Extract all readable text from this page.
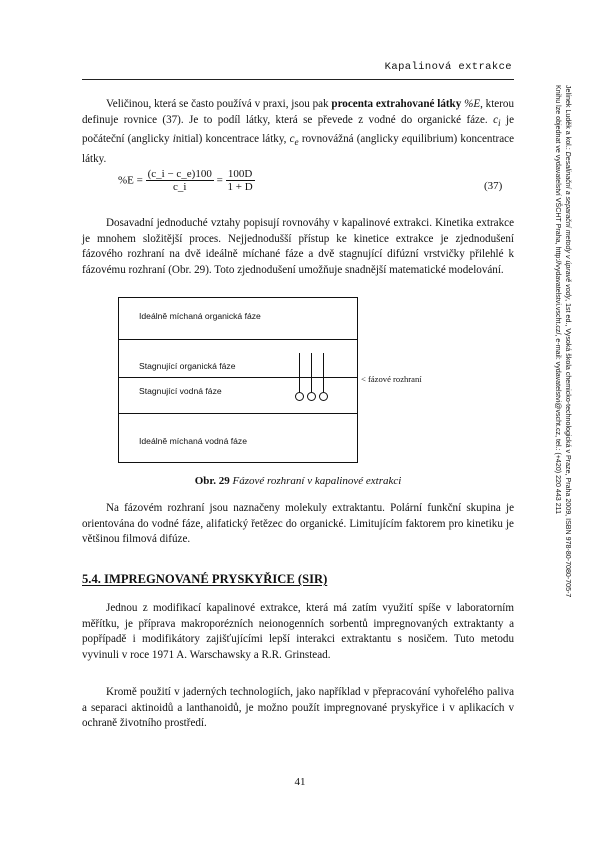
Kapalinová extrakce
Veličinou, která se často používá v praxi, jsou pak procenta extrahované látky %E, kterou definuje rovnice (37). Je to podíl látky, která se převede z vodné do organické fáze. $c_i$ je počáteční (anglicky initial) koncentrace látky, $c_e$ rovnovážná (anglicky equilibrium) koncentrace látky.
$\%E = \frac{(c\_i - c\_e)100}{c\_i} = \frac{100D}{1 + D}$	(37)
Dosavadní jednoduché vztahy popisují rovnováhy v kapalinové extrakci. Kinetika extrakce je mnohem složitější proces. Nejjednodušší přístup ke kinetice extrakce je zjednodušení fázového rozhraní na dvě ideálně míchané fáze a dvě stagnující difúzní vrstvičky přilehlé k fázovému rozhraní (Obr. 29). Toto zjednodušení umožňuje snadnější matematické modelování.
Ideálně míchaná organická fáze
Stagnující organická fáze
Stagnující vodná fáze
Ideálně míchaná vodná fáze
< fázové rozhraní
Obr. 29 Fázové rozhraní v kapalinové extrakci
Na fázovém rozhraní jsou naznačeny molekuly extraktantu. Polární funkční skupina je orientována do vodné fáze, alifatický řetězec do organické. Limitujícím faktorem pro kinetiku je většinou filmová difúze.
5.4. IMPREGNOVANÉ PRYSKYŘICE (SIR)
Jednou z modifikací kapalinové extrakce, která má zatím využití spíše v laboratorním měřítku, je příprava makroporézních neionogenních sorbentů impregnovaných extraktanty a popřípadě i modifikátory zajišťujícími lepší interakci extraktantu s nosičem. Tuto metodu vyvinuli v roce 1971 A. Warschawsky a R.R. Grinstead.
Kromě použití v jaderných technologiích, jako například v přepracování vyhořelého paliva a separaci aktinoidů a lanthanoidů, je možno použít impregnované pryskyřice i v aplikacích v ochraně životního prostředí.
41
Jelínek Luděk a kol.: Desalinační a separační metody v úpravě vody, 1st ed., Vysoká škola chemicko-technologická v Praze, Praha 2009, ISBN 978-80-7080-705-7
Knihu lze objednat ve vydavatelství VŠCHT Praha, http://vydavatelstvi.vscht.cz/, e-mail: vydavatelstvi@vscht.cz, tel.: (+420) 220 443 211
